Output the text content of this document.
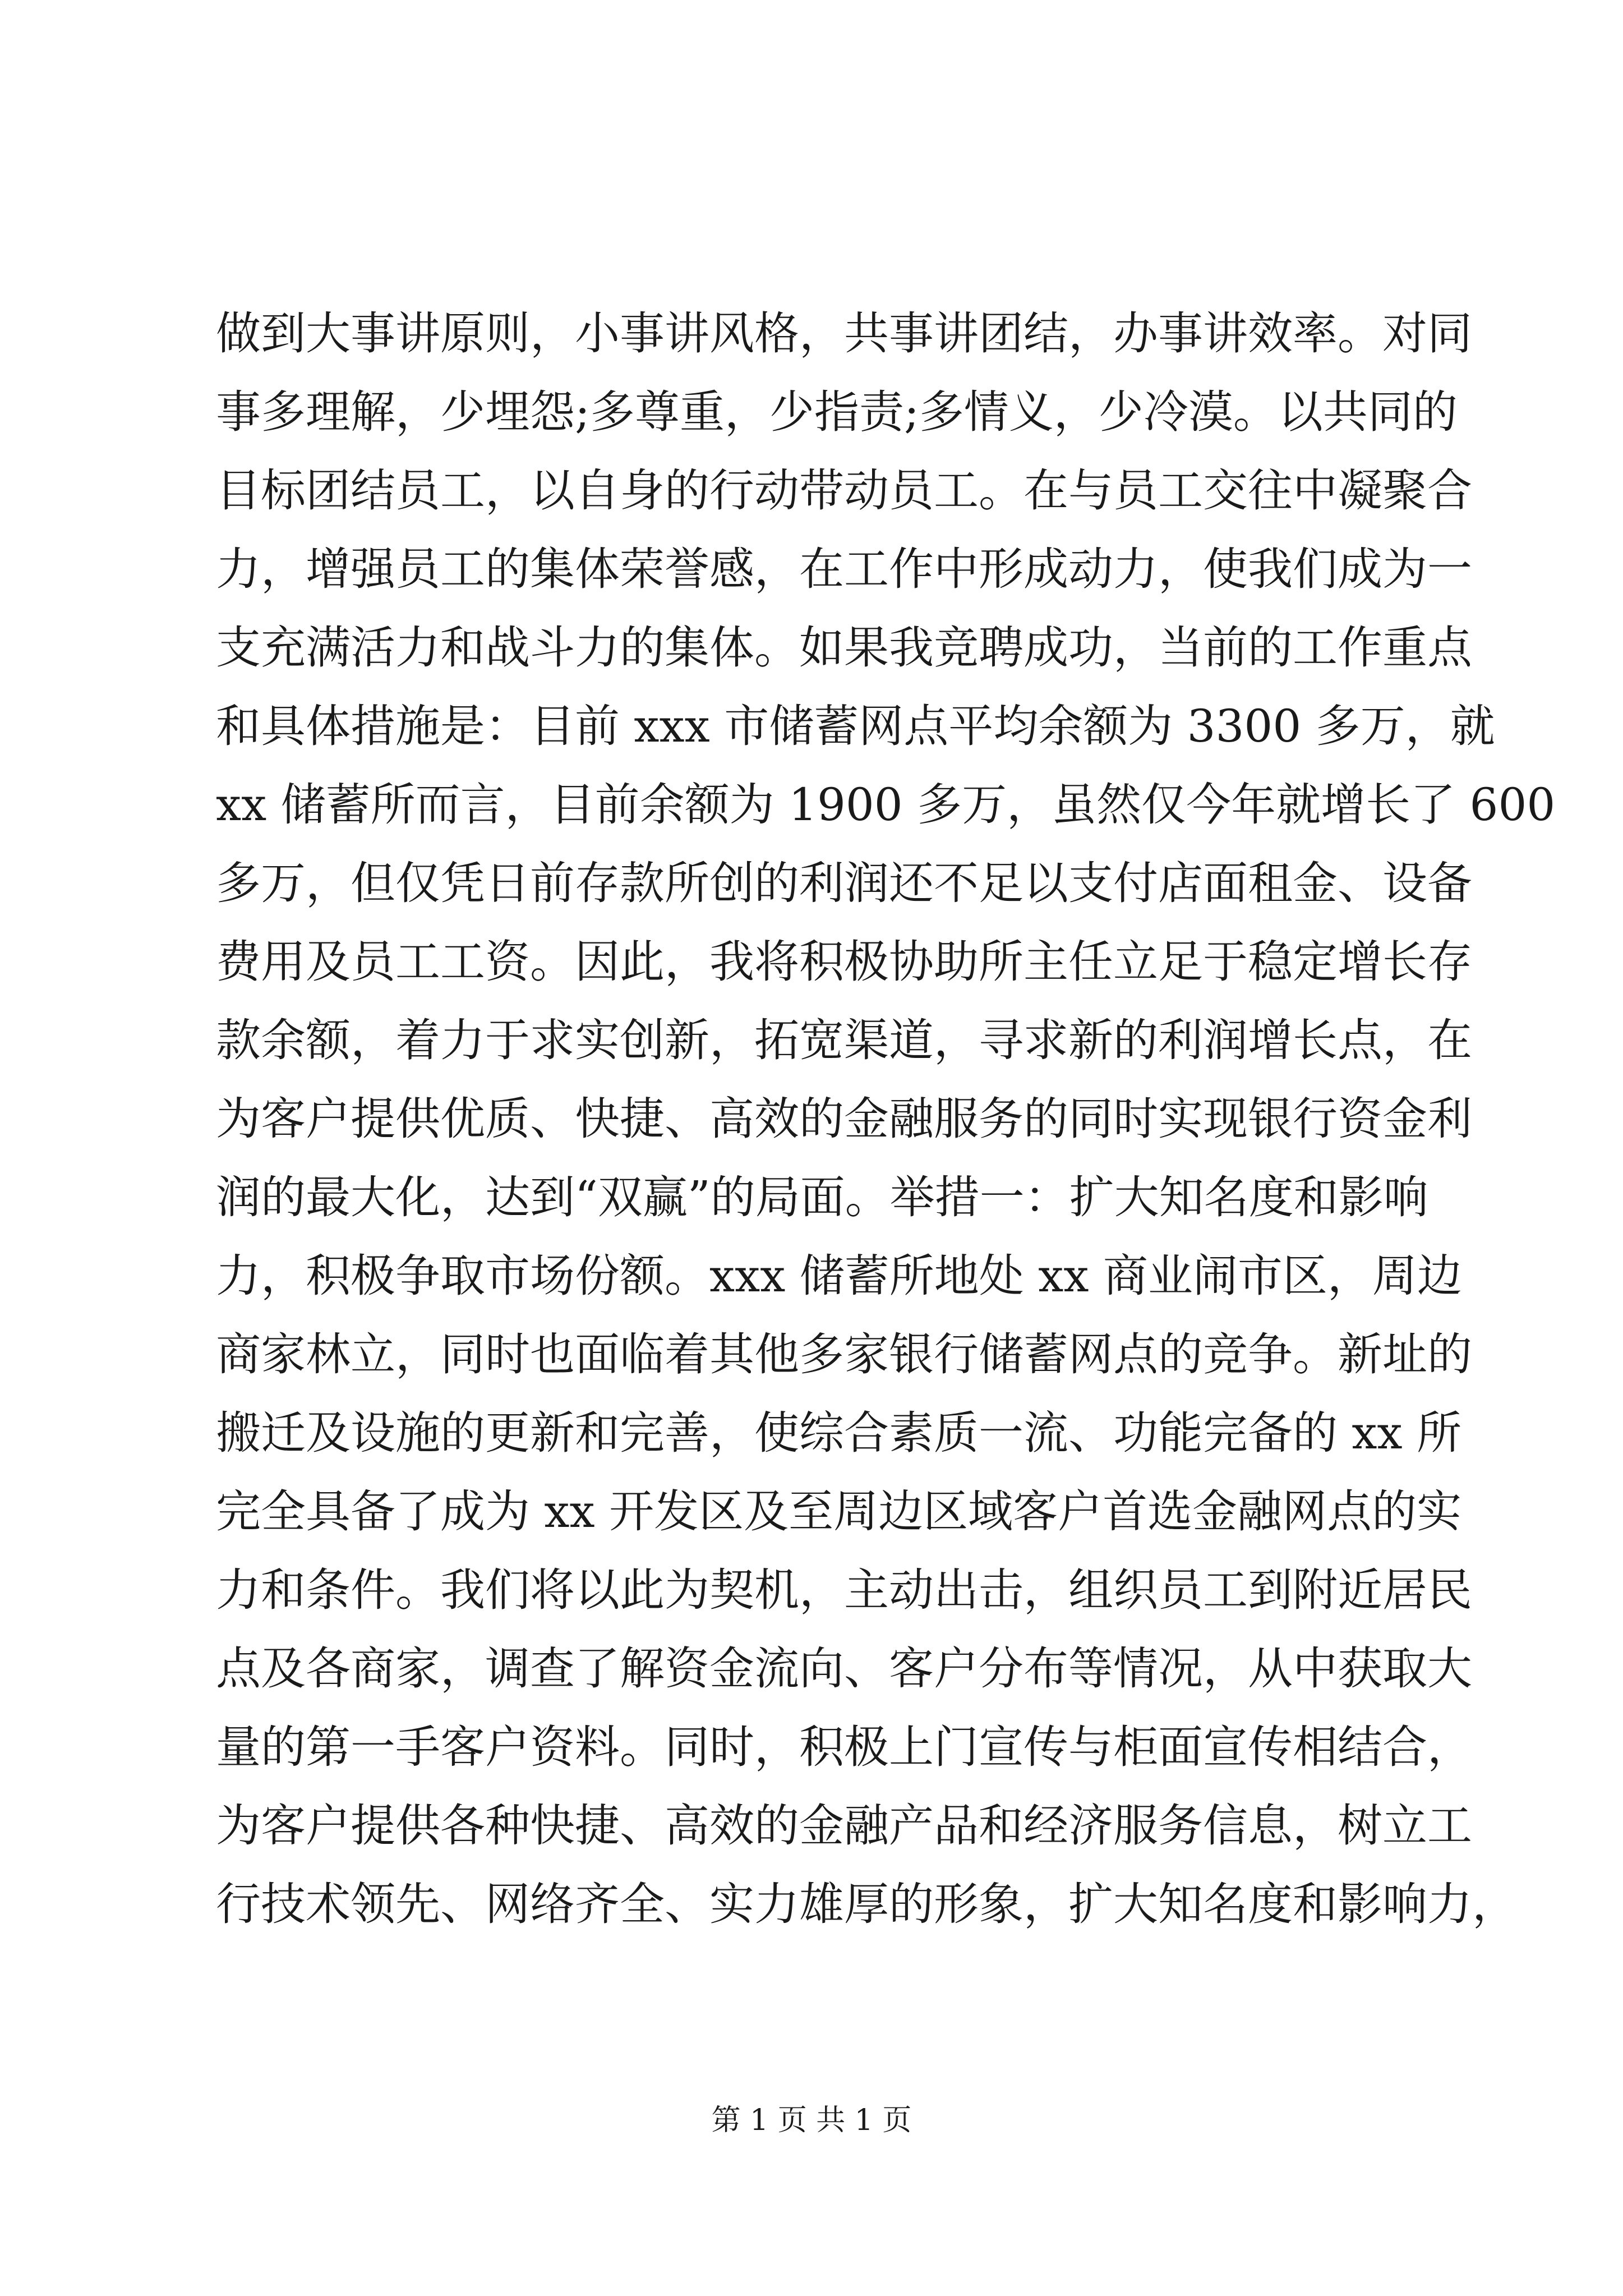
做到大事讲原则，小事讲风格，共事讲团结，办事讲效率。对同

事多理解，少埋怨;多尊重，少指责;多情义，少冷漠。以共同的

目标团结员工，以自身的行动带动员工。在与员工交往中凝聚合

力，增强员工的集体荣誉感，在工作中形成动力，使我们成为一

支充满活力和战斗力的集体。如果我竞聘成功，当前的工作重点

和具体措施是：目前 xxx 市储蓄网点平均余额为 3300 多万，就

xx 储蓄所而言，目前余额为 1900 多万，虽然仅今年就增长了 600

多万，但仅凭日前存款所创的利润还不足以支付店面租金、设备

费用及员工工资。因此，我将积极协助所主任立足于稳定增长存

款余额，着力于求实创新，拓宽渠道，寻求新的利润增长点，在

为客户提供优质、快捷、高效的金融服务的同时实现银行资金利

润的最大化，达到“双赢”的局面。举措一：扩大知名度和影响

力，积极争取市场份额。xxx 储蓄所地处 xx 商业闹市区，周边

商家林立，同时也面临着其他多家银行储蓄网点的竞争。新址的

搬迁及设施的更新和完善，使综合素质一流、功能完备的 xx 所

完全具备了成为 xx 开发区及至周边区域客户首选金融网点的实

力和条件。我们将以此为契机，主动出击，组织员工到附近居民

点及各商家，调查了解资金流向、客户分布等情况，从中获取大

量的第一手客户资料。同时，积极上门宣传与柜面宣传相结合，

为客户提供各种快捷、高效的金融产品和经济服务信息，树立工

行技术领先、网络齐全、实力雄厚的形象，扩大知名度和影响力，

第 1 页 共 1 页
